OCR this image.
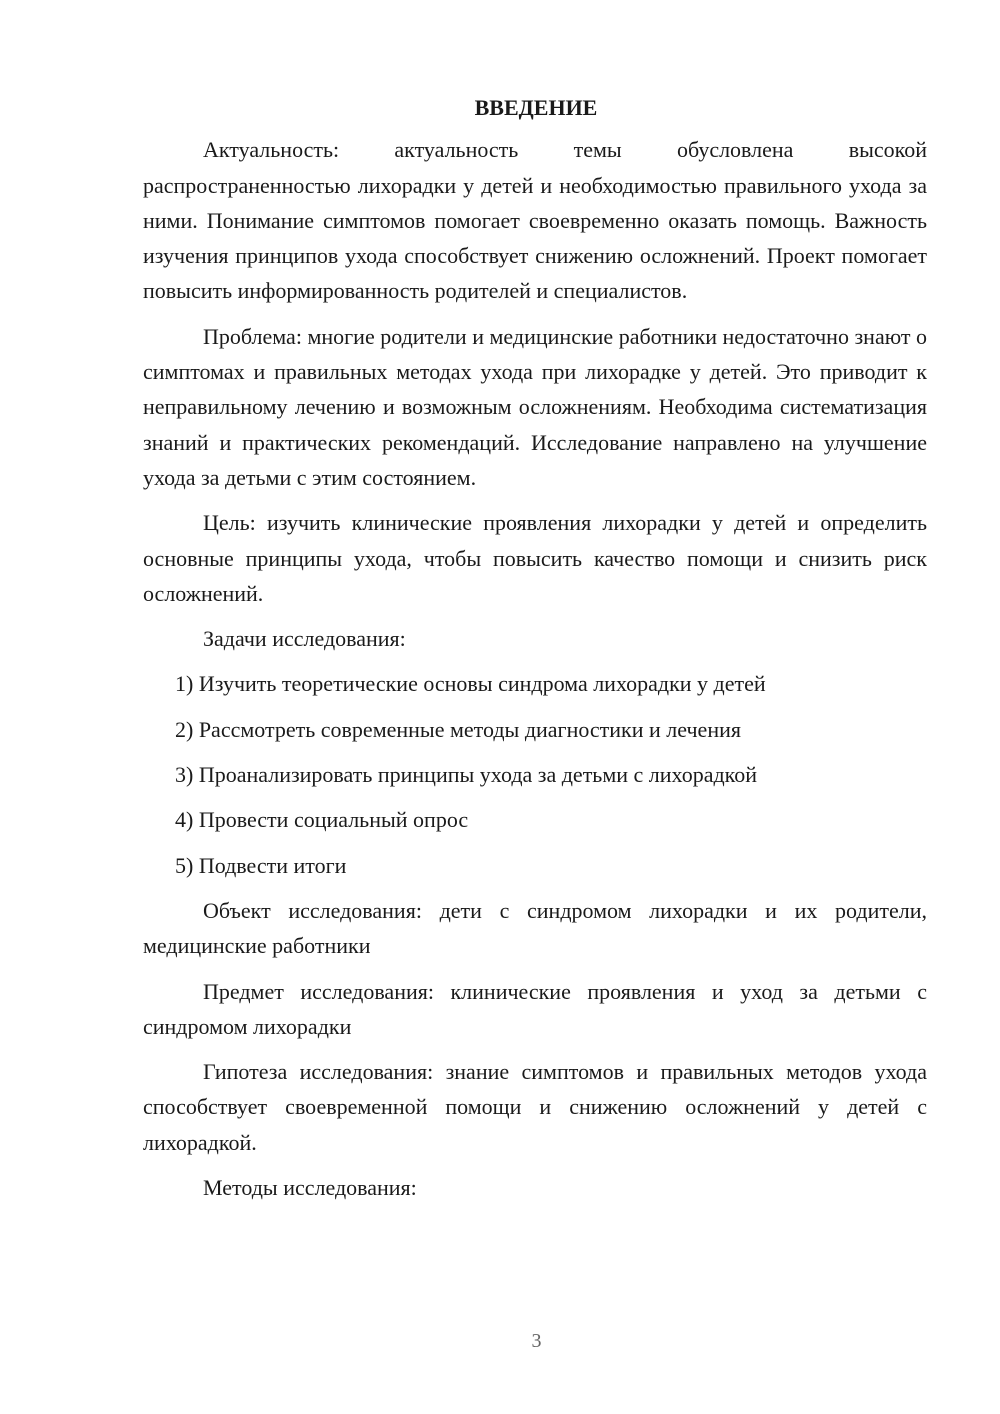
ВВЕДЕНИЕ

Актуальность: актуальность темы обусловлена высокой распространенностью лихорадки у детей и необходимостью правильного ухода за ними. Понимание симптомов помогает своевременно оказать помощь. Важность изучения принципов ухода способствует снижению осложнений. Проект помогает повысить информированность родителей и специалистов.

Проблема: многие родители и медицинские работники недостаточно знают о симптомах и правильных методах ухода при лихорадке у детей. Это приводит к неправильному лечению и возможным осложнениям. Необходима систематизация знаний и практических рекомендаций. Исследование направлено на улучшение ухода за детьми с этим состоянием.

Цель: изучить клинические проявления лихорадки у детей и определить основные принципы ухода, чтобы повысить качество помощи и снизить риск осложнений.

Задачи исследования:

1) Изучить теоретические основы синдрома лихорадки у детей
2) Рассмотреть современные методы диагностики и лечения
3) Проанализировать принципы ухода за детьми с лихорадкой
4) Провести социальный опрос
5) Подвести итоги

Объект исследования: дети с синдромом лихорадки и их родители, медицинские работники

Предмет исследования: клинические проявления и уход за детьми с синдромом лихорадки

Гипотеза исследования: знание симптомов и правильных методов ухода способствует своевременной помощи и снижению осложнений у детей с лихорадкой.

Методы исследования:

3
